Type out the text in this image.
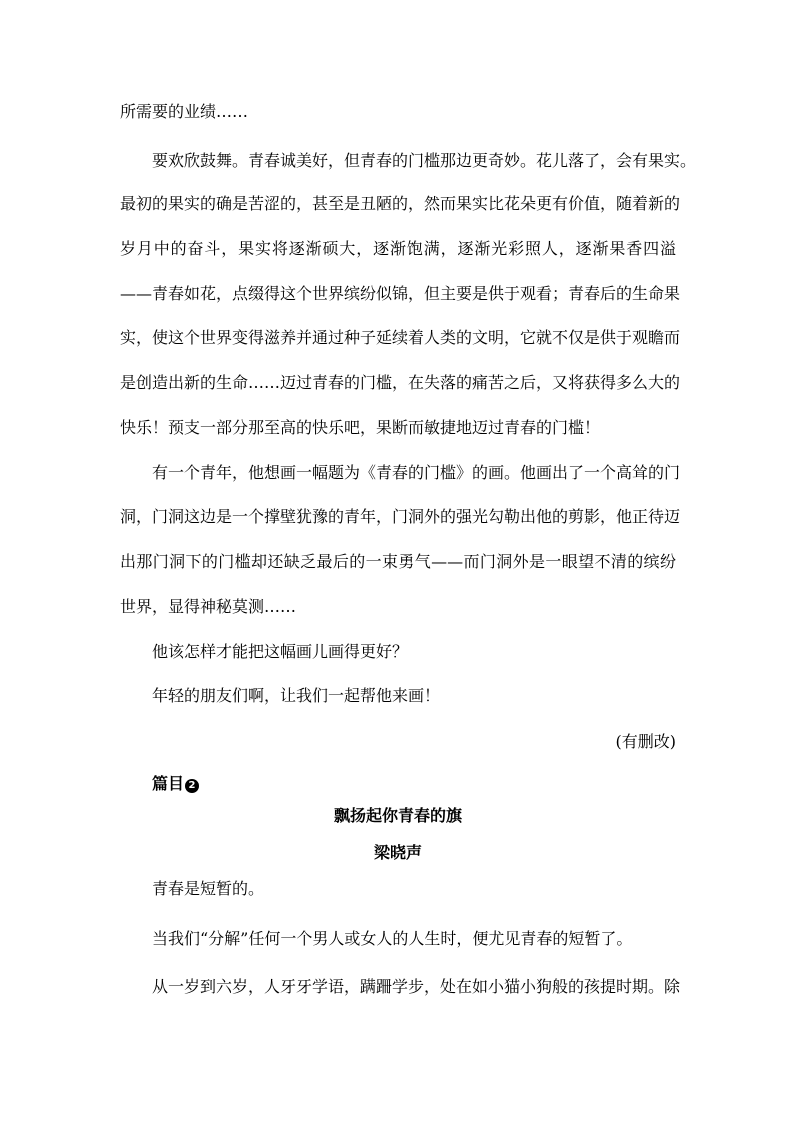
所需要的业绩……
要欢欣鼓舞。青春诚美好，但青春的门槛那边更奇妙。花儿落了，会有果实。
最初的果实的确是苦涩的，甚至是丑陋的，然而果实比花朵更有价值，随着新的
岁月中的奋斗，果实将逐渐硕大，逐渐饱满，逐渐光彩照人，逐渐果香四溢
——青春如花，点缀得这个世界缤纷似锦，但主要是供于观看；青春后的生命果
实，使这个世界变得滋养并通过种子延续着人类的文明，它就不仅是供于观瞻而
是创造出新的生命……迈过青春的门槛，在失落的痛苦之后，又将获得多么大的
快乐！预支一部分那至高的快乐吧，果断而敏捷地迈过青春的门槛！
有一个青年，他想画一幅题为《青春的门槛》的画。他画出了一个高耸的门
洞，门洞这边是一个撑壁犹豫的青年，门洞外的强光勾勒出他的剪影，他正待迈
出那门洞下的门槛却还缺乏最后的一束勇气——而门洞外是一眼望不清的缤纷
世界，显得神秘莫测……
他该怎样才能把这幅画儿画得更好？
年轻的朋友们啊，让我们一起帮他来画！
(有删改)
篇目 2
飘扬起你青春的旗
梁晓声
青春是短暂的。
当我们“分解”任何一个男人或女人的人生时，便尤见青春的短暂了。
从一岁到六岁，人牙牙学语，蹒跚学步，处在如小猫小狗般的孩提时期。除
